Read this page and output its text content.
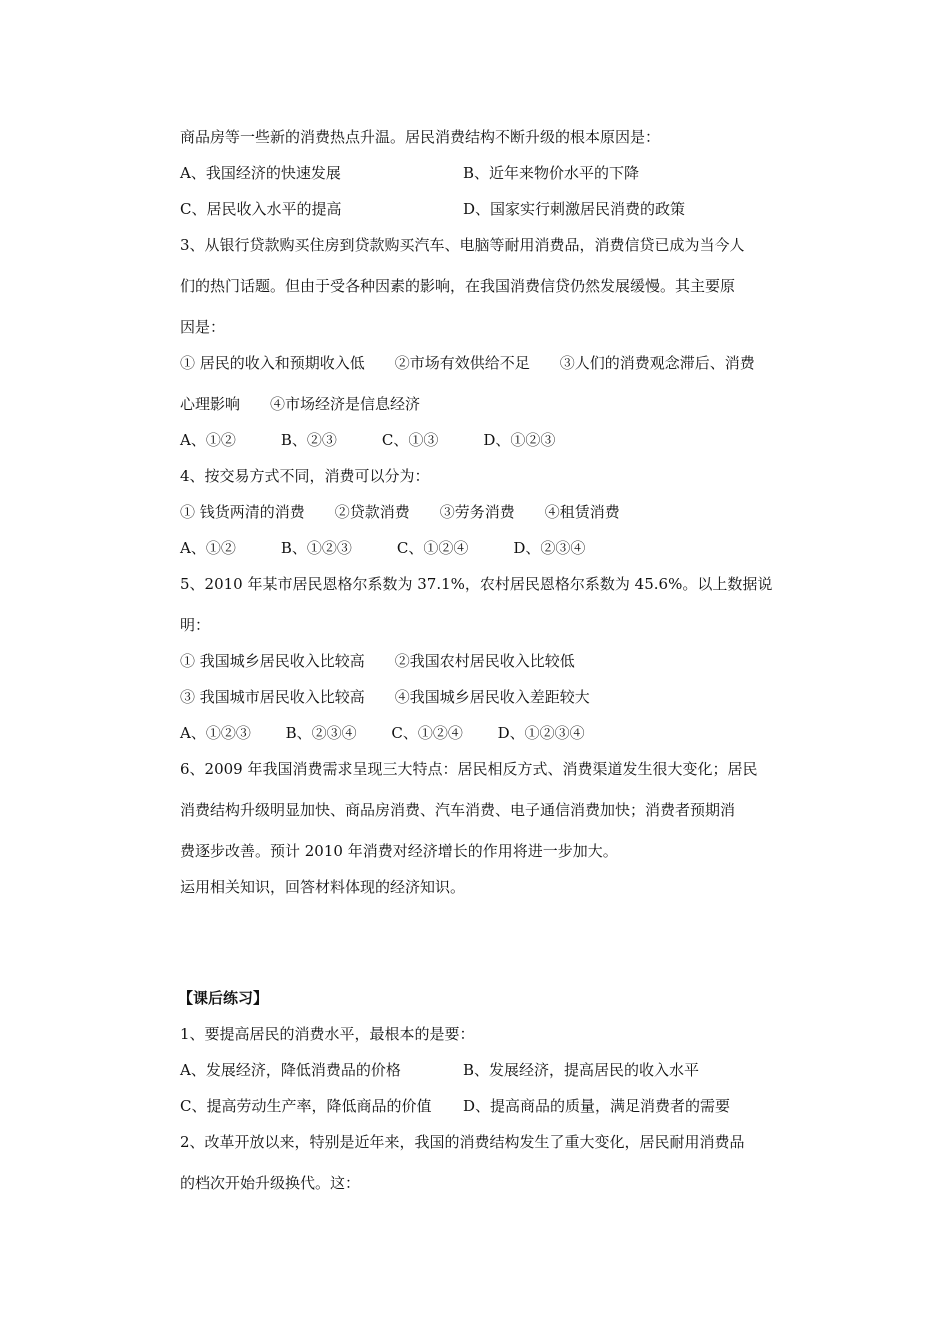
商品房等一些新的消费热点升温。居民消费结构不断升级的根本原因是：
A、我国经济的快速发展	B、近年来物价水平的下降
C、居民收入水平的提高	D、国家实行刺激居民消费的政策
3、从银行贷款购买住房到贷款购买汽车、电脑等耐用消费品，消费信贷已成为当今人
们的热门话题。但由于受各种因素的影响，在我国消费信贷仍然发展缓慢。其主要原
因是：
① 居民的收入和预期收入低　　②市场有效供给不足　　③人们的消费观念滞后、消费
心理影响　　④市场经济是信息经济
A、①②　　　B、②③　　　C、①③　　　D、①②③
4、按交易方式不同，消费可以分为：
① 钱货两清的消费　　②贷款消费　　③劳务消费　　④租赁消费
A、①②　　　B、①②③　　　C、①②④　　　D、②③④
5、2010 年某市居民恩格尔系数为 37.1%，农村居民恩格尔系数为 45.6%。以上数据说
明：
① 我国城乡居民收入比较高　　②我国农村居民收入比较低
③ 我国城市居民收入比较高　　④我国城乡居民收入差距较大
A、①②③　　 B、②③④　　 C、①②④　　 D、①②③④
6、2009 年我国消费需求呈现三大特点：居民相反方式、消费渠道发生很大变化；居民
消费结构升级明显加快、商品房消费、汽车消费、电子通信消费加快；消费者预期消
费逐步改善。预计 2010 年消费对经济增长的作用将进一步加大。
运用相关知识，回答材料体现的经济知识。
【课后练习】
1、要提高居民的消费水平，最根本的是要：
A、发展经济，降低消费品的价格	B、发展经济，提高居民的收入水平
C、提高劳动生产率，降低商品的价值 D、提高商品的质量，满足消费者的需要
2、改革开放以来，特别是近年来，我国的消费结构发生了重大变化，居民耐用消费品
的档次开始升级换代。这：
